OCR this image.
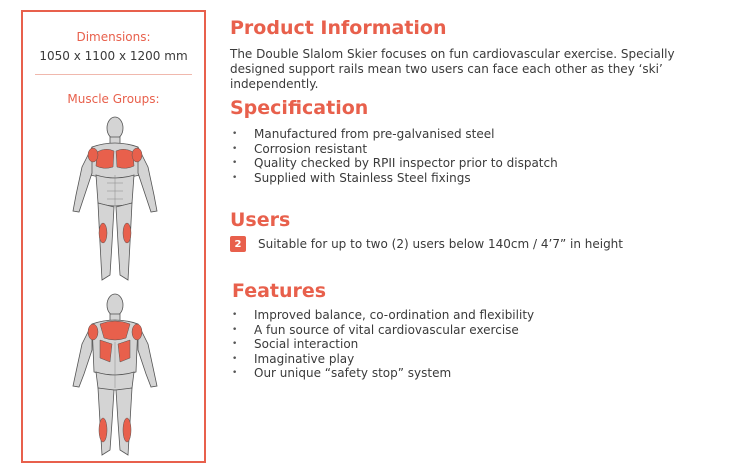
Dimensions:
1050 x 1100 x 1200 mm
Muscle Groups:
Product Information
The Double Slalom Skier focuses on fun cardiovascular exercise. Specially designed support rails mean two users can face each other as they ‘ski’ independently.
Specification
• Manufactured from pre-galvanised steel
• Corrosion resistant
• Quality checked by RPII inspector prior to dispatch
• Supplied with Stainless Steel fixings
Users
2	Suitable for up to two (2) users below 140cm / 4’7” in height
Features
• Improved balance, co-ordination and flexibility
• A fun source of vital cardiovascular exercise
• Social interaction
• Imaginative play
• Our unique “safety stop” system
